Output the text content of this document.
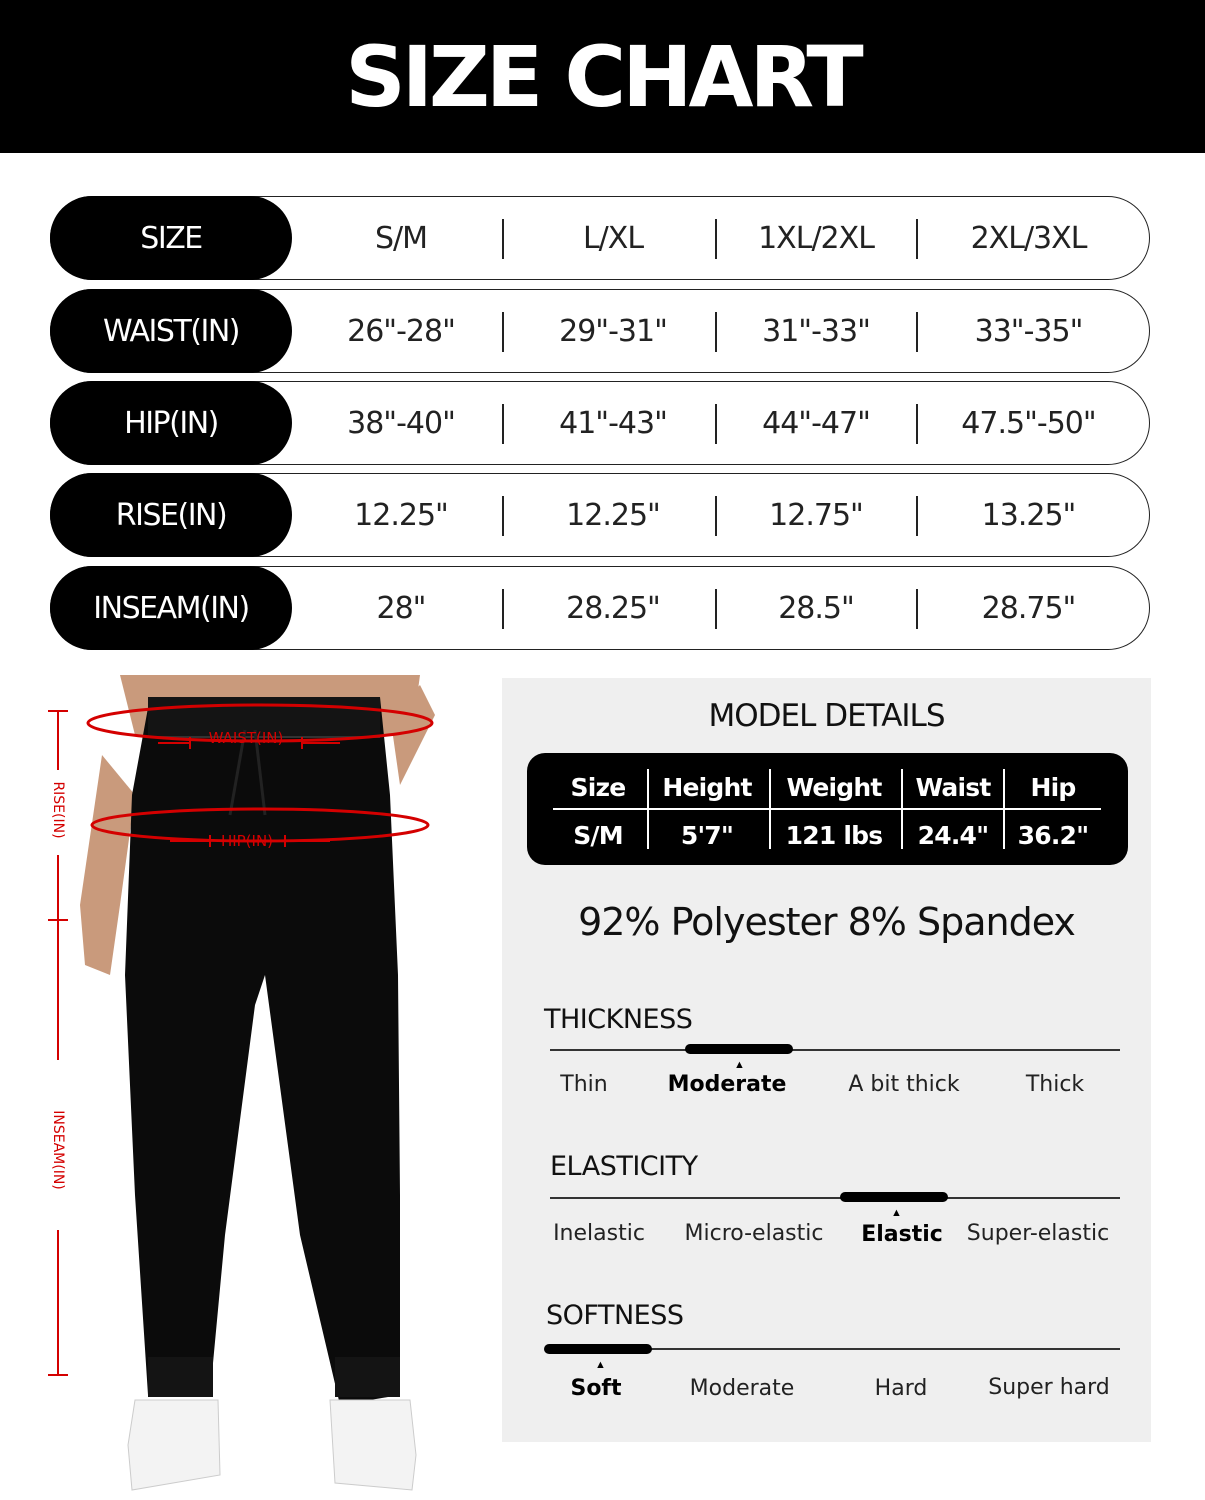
SIZE CHART
SIZE	S/M	L/XL	1XL/2XL	2XL/3XL
WAIST(IN)	26"-28"	29"-31"	31"-33"	33"-35"
HIP(IN)	38"-40"	41"-43"	44"-47"	47.5"-50"
RISE(IN)	12.25"	12.25"	12.75"	13.25"
INSEAM(IN)	28"	28.25"	28.5"	28.75"
WAIST(IN)
HIP(IN)
RISE(IN)
INSEAM(IN)
MODEL DETAILS
Size	Height	Weight	Waist	Hip
S/M	5'7"	121 lbs	24.4"	36.2"
92% Polyester 8% Spandex
THICKNESS
▲
Thin	Moderate	A bit thick	Thick
ELASTICITY
▲
Inelastic	Micro-elastic	Elastic	Super-elastic
SOFTNESS
▲
Soft	Moderate	Hard	Super hard
